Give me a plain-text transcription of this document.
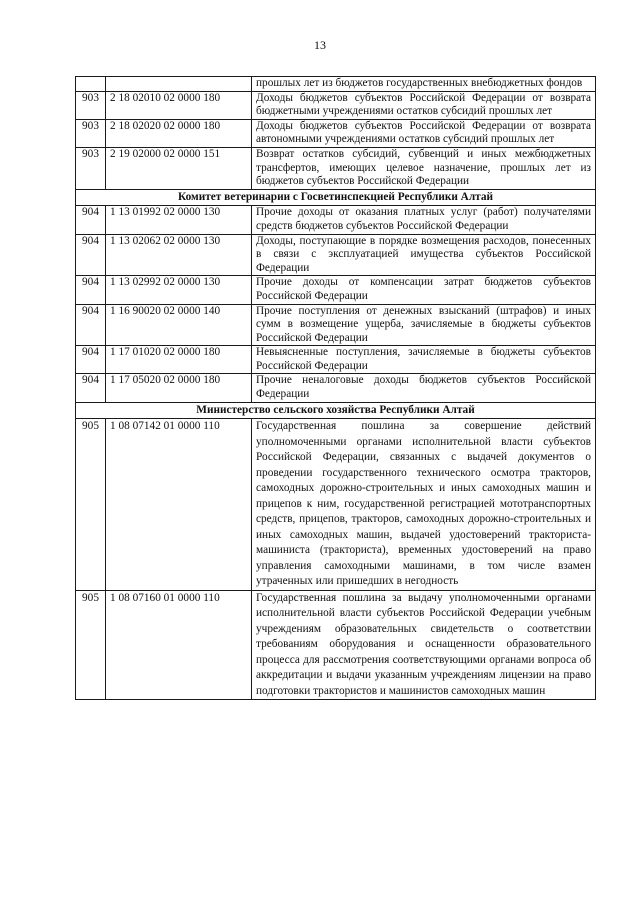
13
		прошлых лет из бюджетов государственных внебюджетных фондов
903	2 18 02010 02 0000 180	Доходы бюджетов субъектов Российской Федерации от возврата бюджетными учреждениями остатков субсидий прошлых лет
903	2 18 02020 02 0000 180	Доходы бюджетов субъектов Российской Федерации от возврата автономными учреждениями остатков субсидий прошлых лет
903	2 19 02000 02 0000 151	Возврат остатков субсидий, субвенций и иных межбюджетных трансфертов, имеющих целевое назначение, прошлых лет из бюджетов субъектов Российской Федерации
Комитет ветеринарии с Госветинспекцией Республики Алтай		
904	1 13 01992 02 0000 130	Прочие доходы от оказания платных услуг (работ) получателями средств бюджетов субъектов Российской Федерации
904	1 13 02062 02 0000 130	Доходы, поступающие в порядке возмещения расходов, понесенных в связи с эксплуатацией имущества субъектов Российской Федерации
904	1 13 02992 02 0000 130	Прочие доходы от компенсации затрат бюджетов субъектов Российской Федерации
904	1 16 90020 02 0000 140	Прочие поступления от денежных взысканий (штрафов) и иных сумм в возмещение ущерба, зачисляемые в бюджеты субъектов Российской Федерации
904	1 17 01020 02 0000 180	Невыясненные поступления, зачисляемые в бюджеты субъектов Российской Федерации
904	1 17 05020 02 0000 180	Прочие неналоговые доходы бюджетов субъектов Российской Федерации
Министерство сельского хозяйства Республики Алтай		
905	1 08 07142 01 0000 110	Государственная пошлина за совершение действий уполномоченными органами исполнительной власти субъектов Российской Федерации, связанных с выдачей документов о проведении государственного технического осмотра тракторов, самоходных дорожно-строительных и иных самоходных машин и прицепов к ним, государственной регистрацией мототранспортных средств, прицепов, тракторов, самоходных дорожно-строительных и иных самоходных машин, выдачей удостоверений тракториста-машиниста (тракториста), временных удостоверений на право управления самоходными машинами, в том числе взамен утраченных или пришедших в негодность
905	1 08 07160 01 0000 110	Государственная пошлина за выдачу уполномоченными органами исполнительной власти субъектов Российской Федерации учебным учреждениям образовательных свидетельств о соответствии требованиям оборудования и оснащенности образовательного процесса для рассмотрения соответствующими органами вопроса об аккредитации и выдачи указанным учреждениям лицензии на право подготовки трактористов и машинистов самоходных машин
